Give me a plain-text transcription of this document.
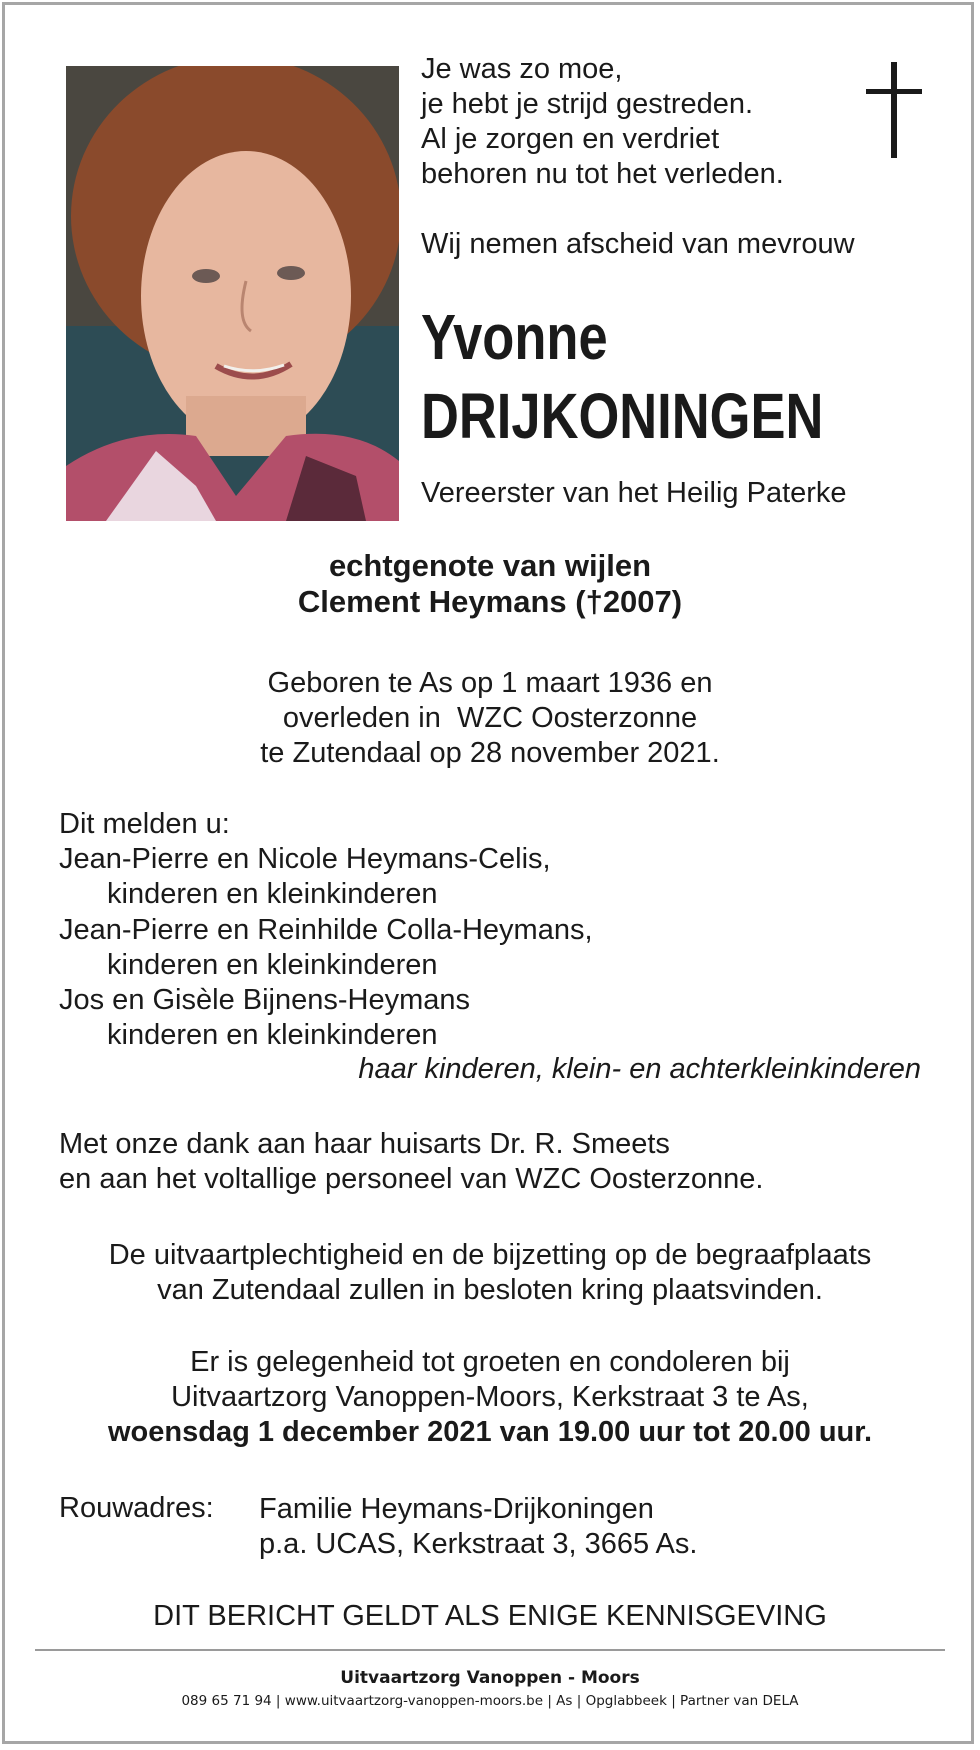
Je was zo moe,
je hebt je strijd gestreden.
Al je zorgen en verdriet
behoren nu tot het verleden.
Wij nemen afscheid van mevrouw
Yvonne
DRIJKONINGEN
Vereerster van het Heilig Paterke
echtgenote van wijlen
Clement Heymans (†2007)
Geboren te As op 1 maart 1936 en
overleden in  WZC Oosterzonne
te Zutendaal op 28 november 2021.
Dit melden u:
Jean-Pierre en Nicole Heymans-Celis,
kinderen en kleinkinderen
Jean-Pierre en Reinhilde Colla-Heymans,
kinderen en kleinkinderen
Jos en Gisèle Bijnens-Heymans
kinderen en kleinkinderen
haar kinderen, klein- en achterkleinkinderen
Met onze dank aan haar huisarts Dr. R. Smeets
en aan het voltallige personeel van WZC Oosterzonne.
De uitvaartplechtigheid en de bijzetting op de begraafplaats
van Zutendaal zullen in besloten kring plaatsvinden.
Er is gelegenheid tot groeten en condoleren bij
Uitvaartzorg Vanoppen-Moors, Kerkstraat 3 te As,
woensdag 1 december 2021 van 19.00 uur tot 20.00 uur.
Rouwadres: Familie Heymans-Drijkoningen
p.a. UCAS, Kerkstraat 3, 3665 As.
DIT BERICHT GELDT ALS ENIGE KENNISGEVING
Uitvaartzorg Vanoppen - Moors
089 65 71 94 | www.uitvaartzorg-vanoppen-moors.be | As | Opglabbeek | Partner van DELA
